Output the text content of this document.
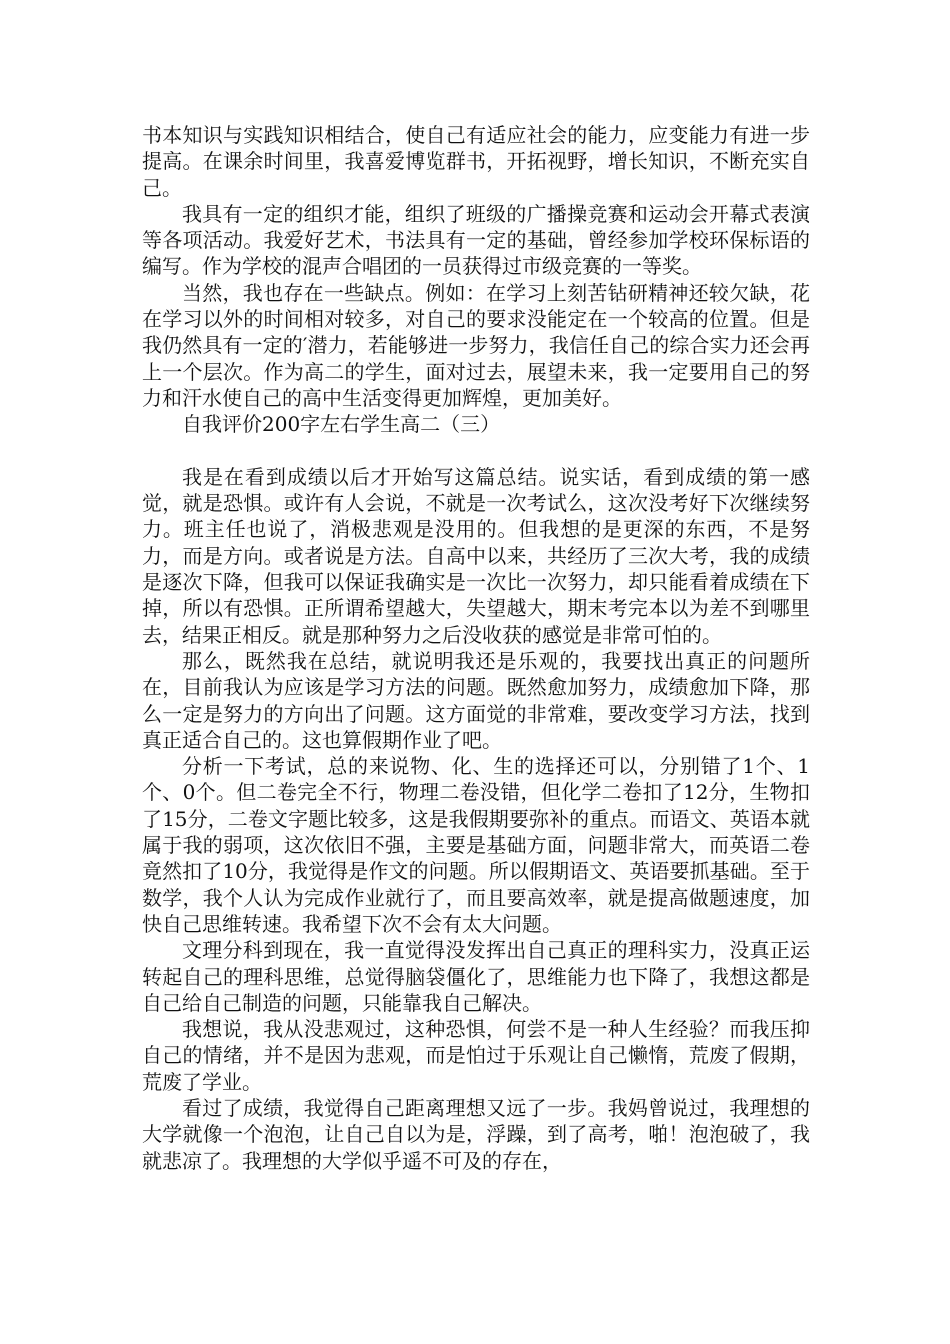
书本知识与实践知识相结合，使自己有适应社会的能力，应变能力有进一步提高。在课余时间里，我喜爱博览群书，开拓视野，增长知识，不断充实自己。

我具有一定的组织才能，组织了班级的广播操竞赛和运动会开幕式表演等各项活动。我爱好艺术，书法具有一定的基础，曾经参加学校环保标语的编写。作为学校的混声合唱团的一员获得过市级竞赛的一等奖。

当然，我也存在一些缺点。例如：在学习上刻苦钻研精神还较欠缺，花在学习以外的时间相对较多，对自己的要求没能定在一个较高的位置。但是我仍然具有一定的′潜力，若能够进一步努力，我信任自己的综合实力还会再上一个层次。作为高二的学生，面对过去，展望未来，我一定要用自己的努力和汗水使自己的高中生活变得更加辉煌，更加美好。

自我评价200字左右学生高二（三）

我是在看到成绩以后才开始写这篇总结。说实话，看到成绩的第一感觉，就是恐惧。或许有人会说，不就是一次考试么，这次没考好下次继续努力。班主任也说了，消极悲观是没用的。但我想的是更深的东西，不是努力，而是方向。或者说是方法。自高中以来，共经历了三次大考，我的成绩是逐次下降，但我可以保证我确实是一次比一次努力，却只能看着成绩在下掉，所以有恐惧。正所谓希望越大，失望越大，期末考完本以为差不到哪里去，结果正相反。就是那种努力之后没收获的感觉是非常可怕的。

那么，既然我在总结，就说明我还是乐观的，我要找出真正的问题所在，目前我认为应该是学习方法的问题。既然愈加努力，成绩愈加下降，那么一定是努力的方向出了问题。这方面觉的非常难，要改变学习方法，找到真正适合自己的。这也算假期作业了吧。

分析一下考试，总的来说物、化、生的选择还可以，分别错了1个、1个、0个。但二卷完全不行，物理二卷没错，但化学二卷扣了12分，生物扣了15分，二卷文字题比较多，这是我假期要弥补的重点。而语文、英语本就属于我的弱项，这次依旧不强，主要是基础方面，问题非常大，而英语二卷竟然扣了10分，我觉得是作文的问题。所以假期语文、英语要抓基础。至于数学，我个人认为完成作业就行了，而且要高效率，就是提高做题速度，加快自己思维转速。我希望下次不会有太大问题。

文理分科到现在，我一直觉得没发挥出自己真正的理科实力，没真正运转起自己的理科思维，总觉得脑袋僵化了，思维能力也下降了，我想这都是自己给自己制造的问题，只能靠我自己解决。

我想说，我从没悲观过，这种恐惧，何尝不是一种人生经验？而我压抑自己的情绪，并不是因为悲观，而是怕过于乐观让自己懒惰，荒废了假期，荒废了学业。

看过了成绩，我觉得自己距离理想又远了一步。我妈曾说过，我理想的大学就像一个泡泡，让自己自以为是，浮躁，到了高考，啪！泡泡破了，我就悲凉了。我理想的大学似乎遥不可及的存在，
